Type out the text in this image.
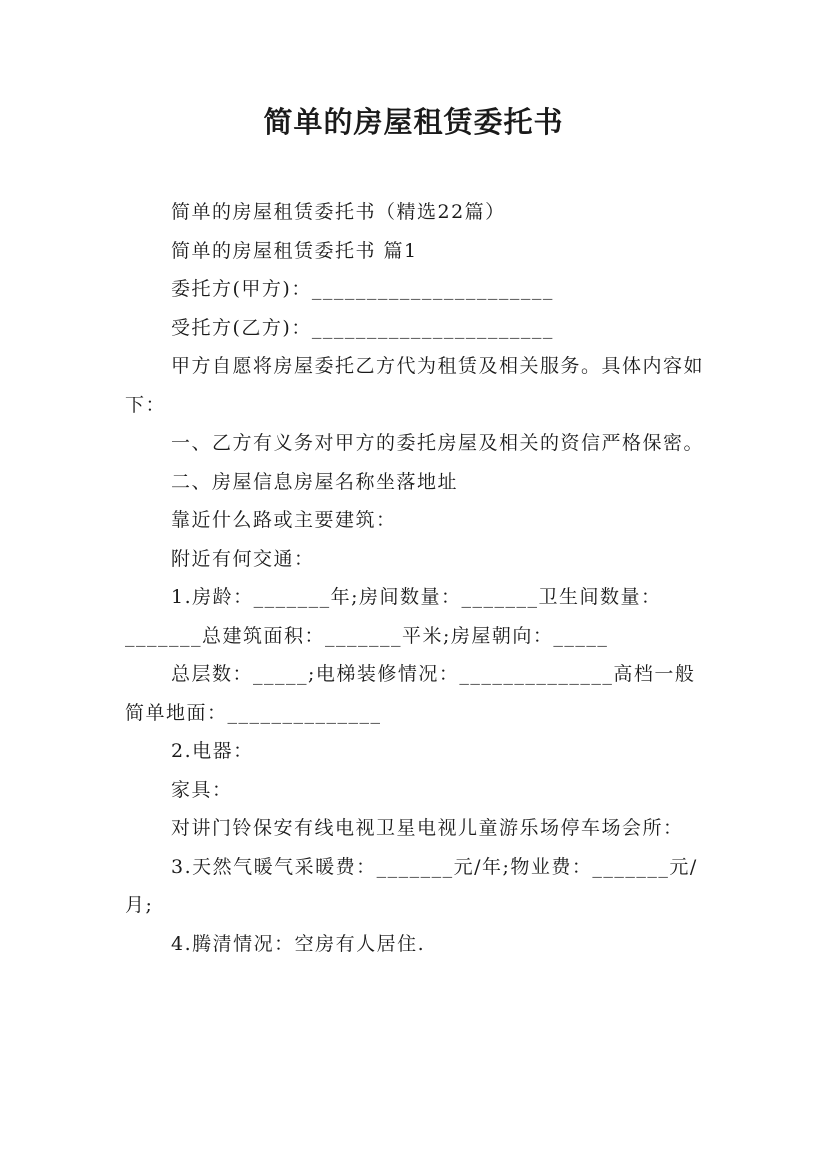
简单的房屋租赁委托书

简单的房屋租赁委托书（精选22篇）

简单的房屋租赁委托书 篇1

委托方(甲方)：______________________

受托方(乙方)：______________________

甲方自愿将房屋委托乙方代为租赁及相关服务。具体内容如下：

一、乙方有义务对甲方的委托房屋及相关的资信严格保密。

二、房屋信息房屋名称坐落地址

靠近什么路或主要建筑：

附近有何交通：

1.房龄：_______年;房间数量：_______卫生间数量：_______总建筑面积：_______平米;房屋朝向：_____

总层数：_____;电梯装修情况：______________高档一般简单地面：______________

2.电器：

家具：

对讲门铃保安有线电视卫星电视儿童游乐场停车场会所：

3.天然气暖气采暖费：_______元/年;物业费：_______元/月;

4.腾清情况：空房有人居住.
